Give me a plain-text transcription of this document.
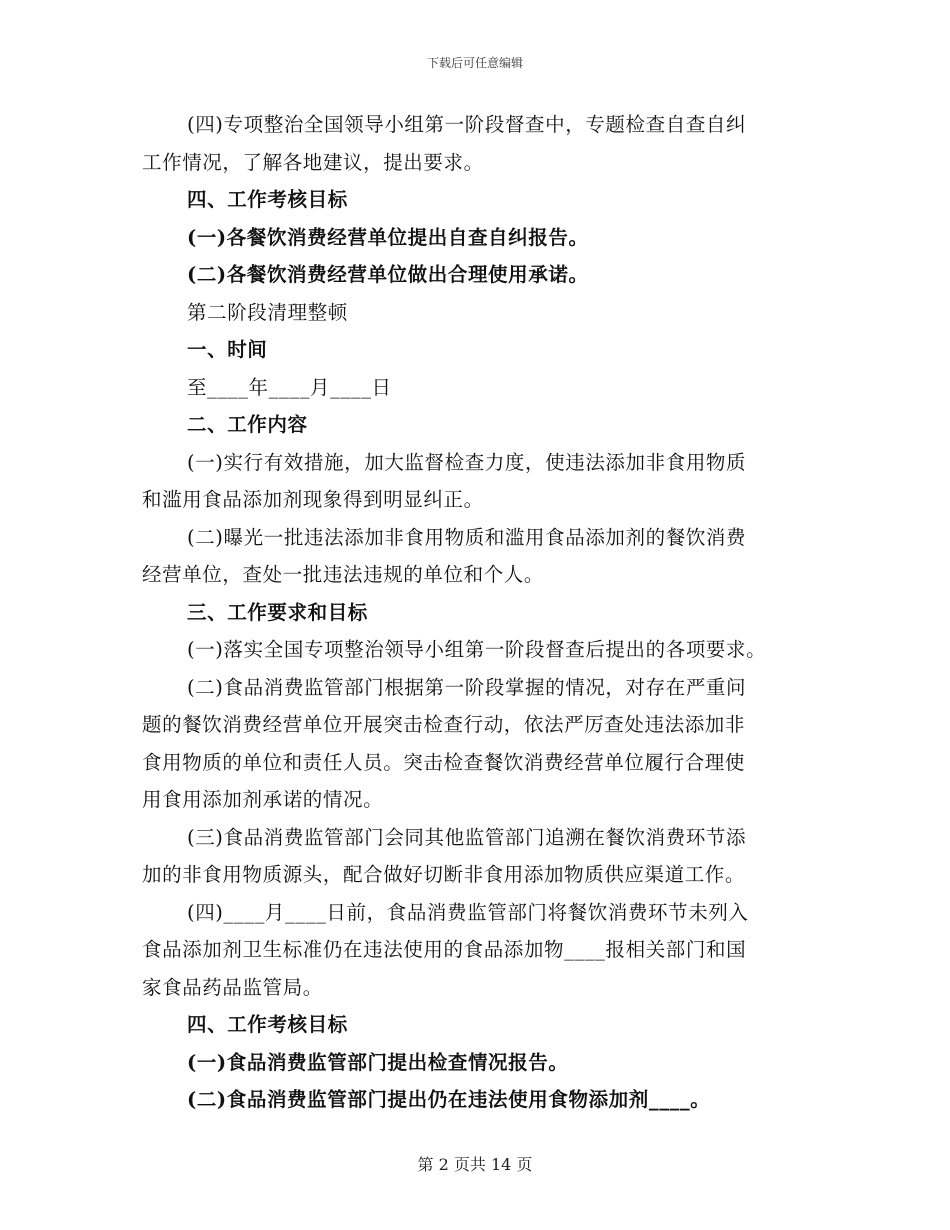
下载后可任意编辑

(四)专项整治全国领导小组第一阶段督查中，专题检查自查自纠

工作情况，了解各地建议，提出要求。

四、工作考核目标

(一)各餐饮消费经营单位提出自查自纠报告。

(二)各餐饮消费经营单位做出合理使用承诺。

第二阶段清理整顿

一、时间

至____年____月____日

二、工作内容

(一)实行有效措施，加大监督检查力度，使违法添加非食用物质

和滥用食品添加剂现象得到明显纠正。

(二)曝光一批违法添加非食用物质和滥用食品添加剂的餐饮消费

经营单位，查处一批违法违规的单位和个人。

三、工作要求和目标

(一)落实全国专项整治领导小组第一阶段督查后提出的各项要求。

(二)食品消费监管部门根据第一阶段掌握的情况，对存在严重问

题的餐饮消费经营单位开展突击检查行动，依法严厉查处违法添加非

食用物质的单位和责任人员。突击检查餐饮消费经营单位履行合理使

用食用添加剂承诺的情况。

(三)食品消费监管部门会同其他监管部门追溯在餐饮消费环节添

加的非食用物质源头，配合做好切断非食用添加物质供应渠道工作。

(四)____月____日前，食品消费监管部门将餐饮消费环节未列入

食品添加剂卫生标准仍在违法使用的食品添加物____报相关部门和国

家食品药品监管局。

四、工作考核目标

(一)食品消费监管部门提出检查情况报告。

(二)食品消费监管部门提出仍在违法使用食物添加剂____。

第 2 页共 14 页
